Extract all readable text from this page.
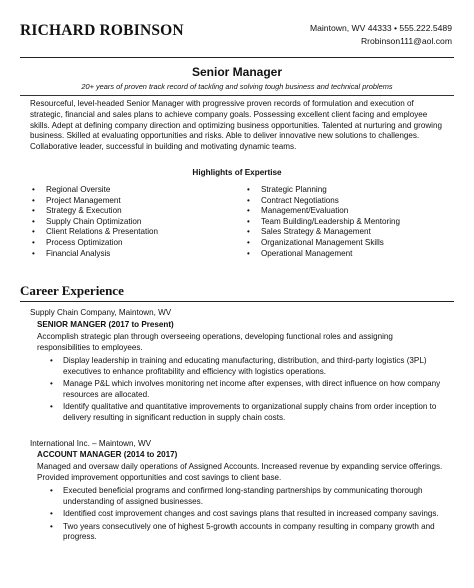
RICHARD ROBINSON	Maintown, WV 44333 • 555.222.5489
Rrobinson111@aol.com
Senior Manager
20+ years of proven track record of tackling and solving tough business and technical problems
Resourceful, level-headed Senior Manager with progressive proven records of formulation and execution of strategic, financial and sales plans to achieve company goals. Possessing excellent client facing and employee skills. Adept at defining company direction and optimizing business opportunities. Talented at nurturing and growing business. Skilled at evaluating opportunities and risks. Able to deliver innovative new solutions to challenges. Collaborative leader, successful in building and motivating dynamic teams.
Highlights of Expertise
• Regional Oversite
• Project Management
• Strategy & Execution
• Supply Chain Optimization
• Client Relations & Presentation
• Process Optimization
• Financial Analysis
• Strategic Planning
• Contract Negotiations
• Management/Evaluation
• Team Building/Leadership & Mentoring
• Sales Strategy & Management
• Organizational Management Skills
• Operational Management
Career Experience
Supply Chain Company, Maintown, WV
SENIOR MANGER (2017 to Present)
Accomplish strategic plan through overseeing operations, developing functional roles and assigning responsibilities to employees.
• Display leadership in training and educating manufacturing, distribution, and third-party logistics (3PL) executives to enhance profitability and efficiency with logistics operations.
• Manage P&L which involves monitoring net income after expenses, with direct influence on how company resources are allocated.
• Identify qualitative and quantitative improvements to organizational supply chains from order inception to delivery resulting in significant reduction in supply chain costs.
International Inc. – Maintown, WV
ACCOUNT MANAGER (2014 to 2017)
Managed and oversaw daily operations of Assigned Accounts. Increased revenue by expanding service offerings. Provided improvement opportunities and cost savings to client base.
• Executed beneficial programs and confirmed long-standing partnerships by communicating thorough understanding of assigned businesses.
• Identified cost improvement changes and cost savings plans that resulted in increased company savings.
• Two years consecutively one of highest 5-growth accounts in company resulting in company growth and progress.
